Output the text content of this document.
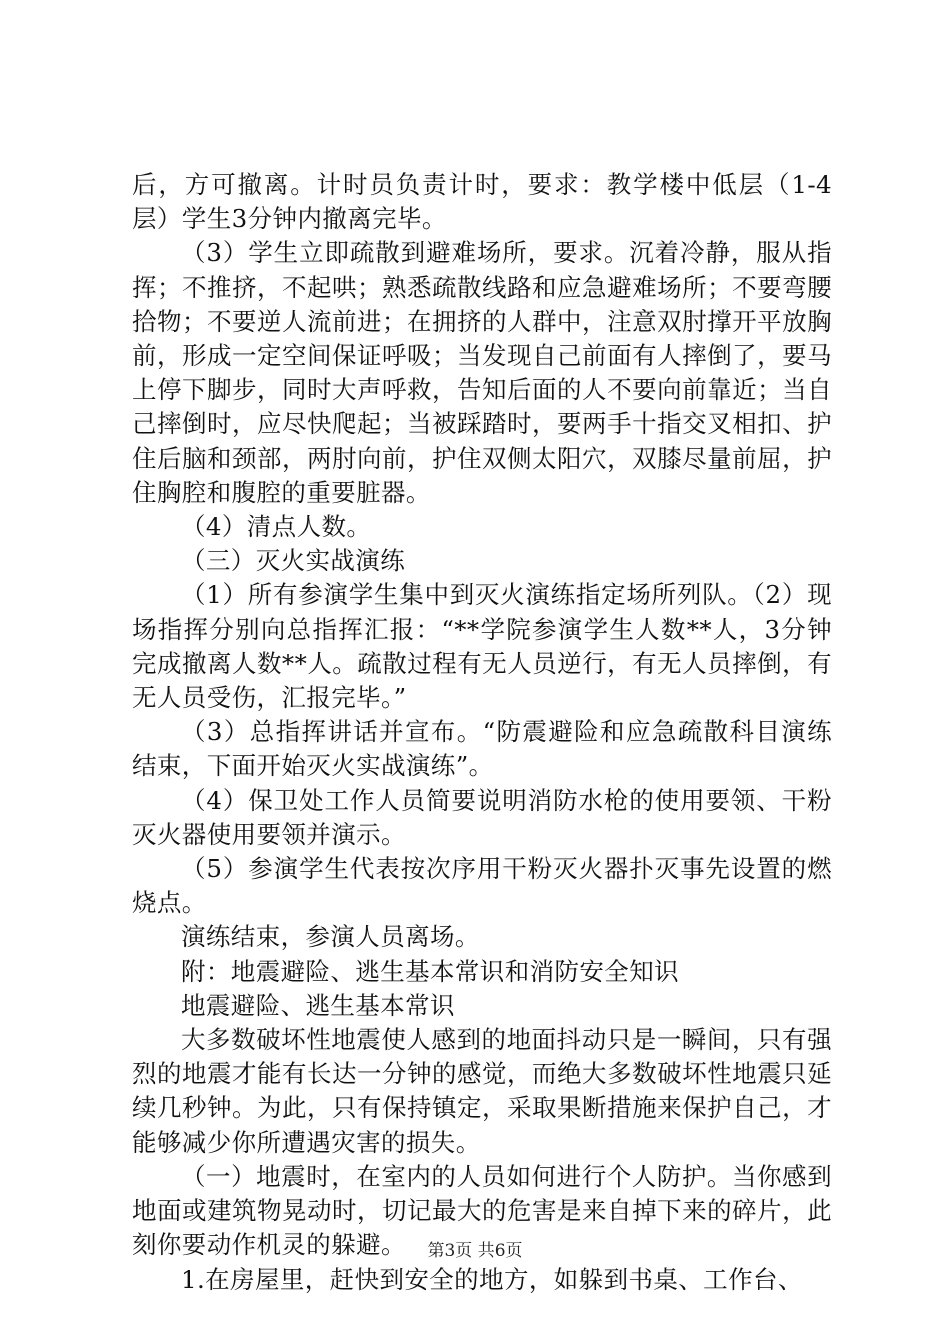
后，方可撤离。计时员负责计时，要求：教学楼中低层（1-4层）学生3分钟内撤离完毕。

（3）学生立即疏散到避难场所，要求。沉着冷静，服从指挥；不推挤，不起哄；熟悉疏散线路和应急避难场所；不要弯腰拾物；不要逆人流前进；在拥挤的人群中，注意双肘撑开平放胸前，形成一定空间保证呼吸；当发现自己前面有人摔倒了，要马上停下脚步，同时大声呼救，告知后面的人不要向前靠近；当自己摔倒时，应尽快爬起；当被踩踏时，要两手十指交叉相扣、护住后脑和颈部，两肘向前，护住双侧太阳穴，双膝尽量前屈，护住胸腔和腹腔的重要脏器。

（4）清点人数。

（三）灭火实战演练

（1）所有参演学生集中到灭火演练指定场所列队。（2）现场指挥分别向总指挥汇报：“**学院参演学生人数**人，3分钟完成撤离人数**人。疏散过程有无人员逆行，有无人员摔倒，有无人员受伤，汇报完毕。”

（3）总指挥讲话并宣布。“防震避险和应急疏散科目演练结束，下面开始灭火实战演练”。

（4）保卫处工作人员简要说明消防水枪的使用要领、干粉灭火器使用要领并演示。

（5）参演学生代表按次序用干粉灭火器扑灭事先设置的燃烧点。

演练结束，参演人员离场。

附：地震避险、逃生基本常识和消防安全知识

地震避险、逃生基本常识

大多数破坏性地震使人感到的地面抖动只是一瞬间，只有强烈的地震才能有长达一分钟的感觉，而绝大多数破坏性地震只延续几秒钟。为此，只有保持镇定，采取果断措施来保护自己，才能够减少你所遭遇灾害的损失。

（一）地震时，在室内的人员如何进行个人防护。当你感到地面或建筑物晃动时，切记最大的危害是来自掉下来的碎片，此刻你要动作机灵的躲避。

1.在房屋里，赶快到安全的地方，如躲到书桌、工作台、

第3页 共6页
